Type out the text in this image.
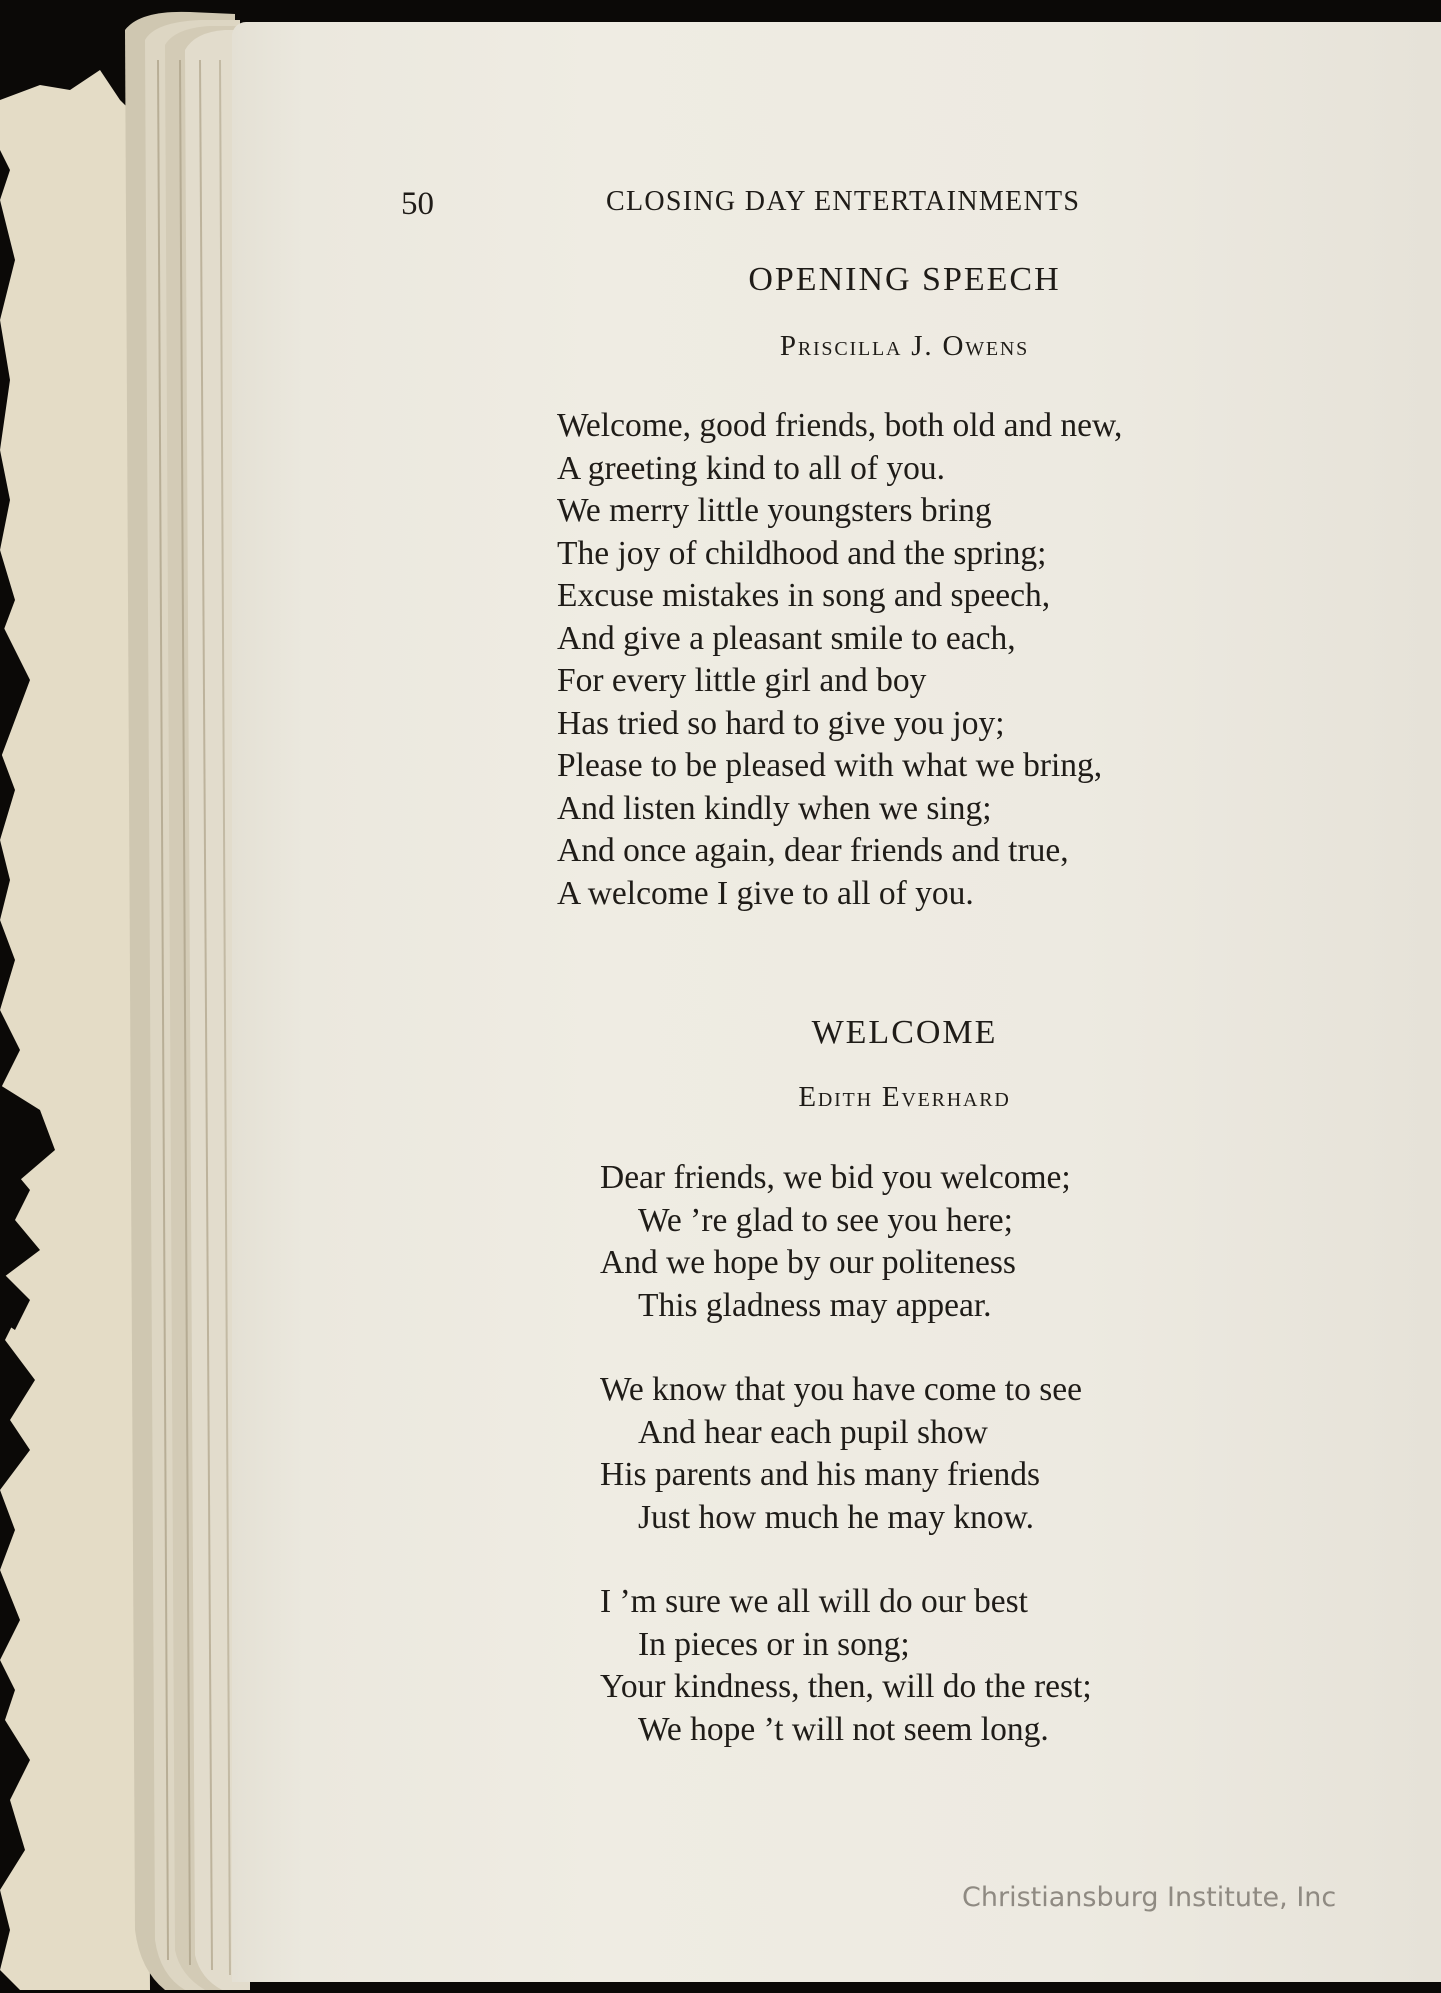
50	CLOSING DAY ENTERTAINMENTS
OPENING SPEECH
Priscilla J. Owens
Welcome, good friends, both old and new,
A greeting kind to all of you.
We merry little youngsters bring
The joy of childhood and the spring;
Excuse mistakes in song and speech,
And give a pleasant smile to each,
For every little girl and boy
Has tried so hard to give you joy;
Please to be pleased with what we bring,
And listen kindly when we sing;
And once again, dear friends and true,
A welcome I give to all of you.
WELCOME
Edith Everhard
Dear friends, we bid you welcome;
We ’re glad to see you here;
And we hope by our politeness
This gladness may appear.
We know that you have come to see
And hear each pupil show
His parents and his many friends
Just how much he may know.
I ’m sure we all will do our best
In pieces or in song;
Your kindness, then, will do the rest;
We hope ’t will not seem long.
Christiansburg Institute, Inc
